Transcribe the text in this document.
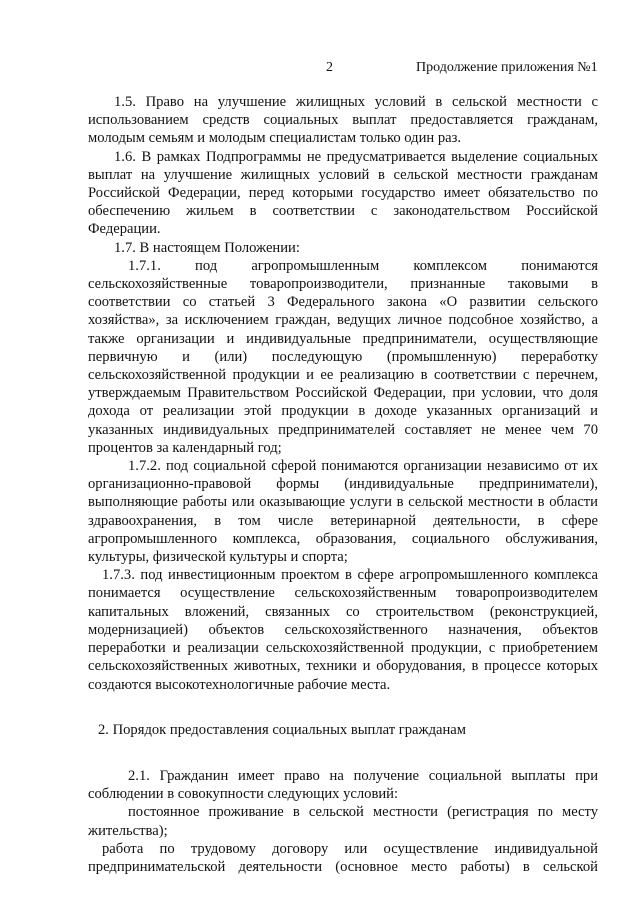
2	Продолжение приложения №1

1.5. Право на улучшение жилищных условий в сельской местности с использованием средств социальных выплат предоставляется гражданам, молодым семьям и молодым специалистам только один раз.

1.6. В рамках Подпрограммы не предусматривается выделение социальных выплат на улучшение жилищных условий в сельской местности гражданам Российской Федерации, перед которыми государство имеет обязательство по обеспечению жильем в соответствии с законодательством Российской Федерации.

1.7. В настоящем Положении:

1.7.1. под агропромышленным комплексом понимаются сельскохозяйственные товаропроизводители, признанные таковыми в соответствии со статьей 3 Федерального закона «О развитии сельского хозяйства», за исключением граждан, ведущих личное подсобное хозяйство, а также организации и индивидуальные предприниматели, осуществляющие первичную и (или) последующую (промышленную) переработку сельскохозяйственной продукции и ее реализацию в соответствии с перечнем, утверждаемым Правительством Российской Федерации, при условии, что доля дохода от реализации этой продукции в доходе указанных организаций и указанных индивидуальных предпринимателей составляет не менее чем 70 процентов за календарный год;

1.7.2. под социальной сферой понимаются организации независимо от их организационно-правовой формы (индивидуальные предприниматели), выполняющие работы или оказывающие услуги в сельской местности в области здравоохранения, в том числе ветеринарной деятельности, в сфере агропромышленного комплекса, образования, социального обслуживания, культуры, физической культуры и спорта;

1.7.3. под инвестиционным проектом в сфере агропромышленного комплекса понимается осуществление сельскохозяйственным товаропроизводителем капитальных вложений, связанных со строительством (реконструкцией, модернизацией) объектов сельскохозяйственного назначения, объектов переработки и реализации сельскохозяйственной продукции, с приобретением сельскохозяйственных животных, техники и оборудования, в процессе которых создаются высокотехнологичные рабочие места.

2. Порядок предоставления социальных выплат гражданам

2.1. Гражданин имеет право на получение социальной выплаты при соблюдении в совокупности следующих условий:

постоянное проживание в сельской местности (регистрация по месту жительства);

работа по трудовому договору или осуществление индивидуальной предпринимательской деятельности (основное место работы) в сельской
